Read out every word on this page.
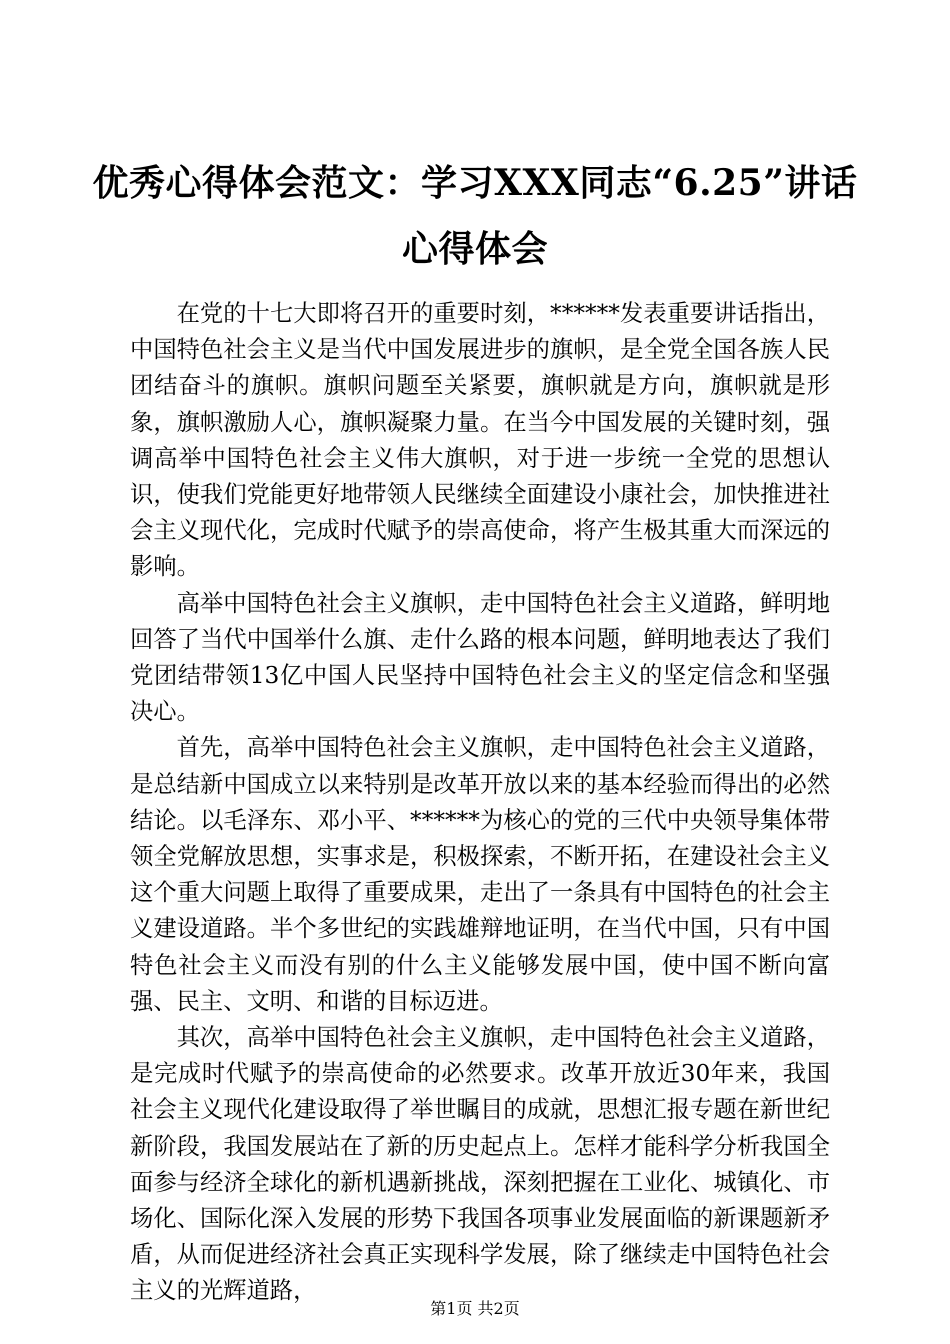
优秀心得体会范文：学习XXX同志“6.25”讲话心得体会

在党的十七大即将召开的重要时刻，******发表重要讲话指出，中国特色社会主义是当代中国发展进步的旗帜，是全党全国各族人民团结奋斗的旗帜。旗帜问题至关紧要，旗帜就是方向，旗帜就是形象，旗帜激励人心，旗帜凝聚力量。在当今中国发展的关键时刻，强调高举中国特色社会主义伟大旗帜，对于进一步统一全党的思想认识，使我们党能更好地带领人民继续全面建设小康社会，加快推进社会主义现代化，完成时代赋予的崇高使命，将产生极其重大而深远的影响。

高举中国特色社会主义旗帜，走中国特色社会主义道路，鲜明地回答了当代中国举什么旗、走什么路的根本问题，鲜明地表达了我们党团结带领13亿中国人民坚持中国特色社会主义的坚定信念和坚强决心。

首先，高举中国特色社会主义旗帜，走中国特色社会主义道路，是总结新中国成立以来特别是改革开放以来的基本经验而得出的必然结论。以毛泽东、邓小平、******为核心的党的三代中央领导集体带领全党解放思想，实事求是，积极探索，不断开拓，在建设社会主义这个重大问题上取得了重要成果，走出了一条具有中国特色的社会主义建设道路。半个多世纪的实践雄辩地证明，在当代中国，只有中国特色社会主义而没有别的什么主义能够发展中国，使中国不断向富强、民主、文明、和谐的目标迈进。

其次，高举中国特色社会主义旗帜，走中国特色社会主义道路，是完成时代赋予的崇高使命的必然要求。改革开放近30年来，我国社会主义现代化建设取得了举世瞩目的成就，思想汇报专题在新世纪新阶段，我国发展站在了新的历史起点上。怎样才能科学分析我国全面参与经济全球化的新机遇新挑战，深刻把握在工业化、城镇化、市场化、国际化深入发展的形势下我国各项事业发展面临的新课题新矛盾，从而促进经济社会真正实现科学发展，除了继续走中国特色社会主义的光辉道路，

第1页 共2页
